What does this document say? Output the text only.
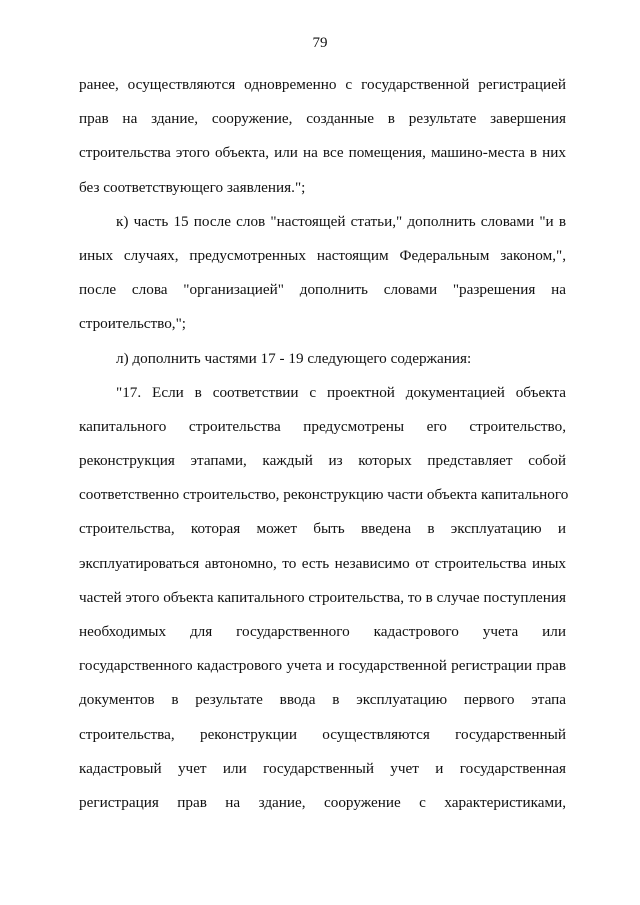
79
ранее, осуществляются одновременно с государственной регистрацией
прав на здание, сооружение, созданные в результате завершения
строительства этого объекта, или на все помещения, машино-места в них
без соответствующего заявления.";
к) часть 15 после слов "настоящей статьи," дополнить словами "и в
иных случаях, предусмотренных настоящим Федеральным законом,",
после слова "организацией" дополнить словами "разрешения на
строительство,";
л) дополнить частями 17 - 19 следующего содержания:
"17. Если в соответствии с проектной документацией объекта
капитального строительства предусмотрены его строительство,
реконструкция этапами, каждый из которых представляет собой
соответственно строительство, реконструкцию части объекта капитального
строительства, которая может быть введена в эксплуатацию и
эксплуатироваться автономно, то есть независимо от строительства иных
частей этого объекта капитального строительства, то в случае поступления
необходимых для государственного кадастрового учета или
государственного кадастрового учета и государственной регистрации прав
документов в результате ввода в эксплуатацию первого этапа
строительства, реконструкции осуществляются государственный
кадастровый учет или государственный учет и государственная
регистрация прав на здание, сооружение с характеристиками,
